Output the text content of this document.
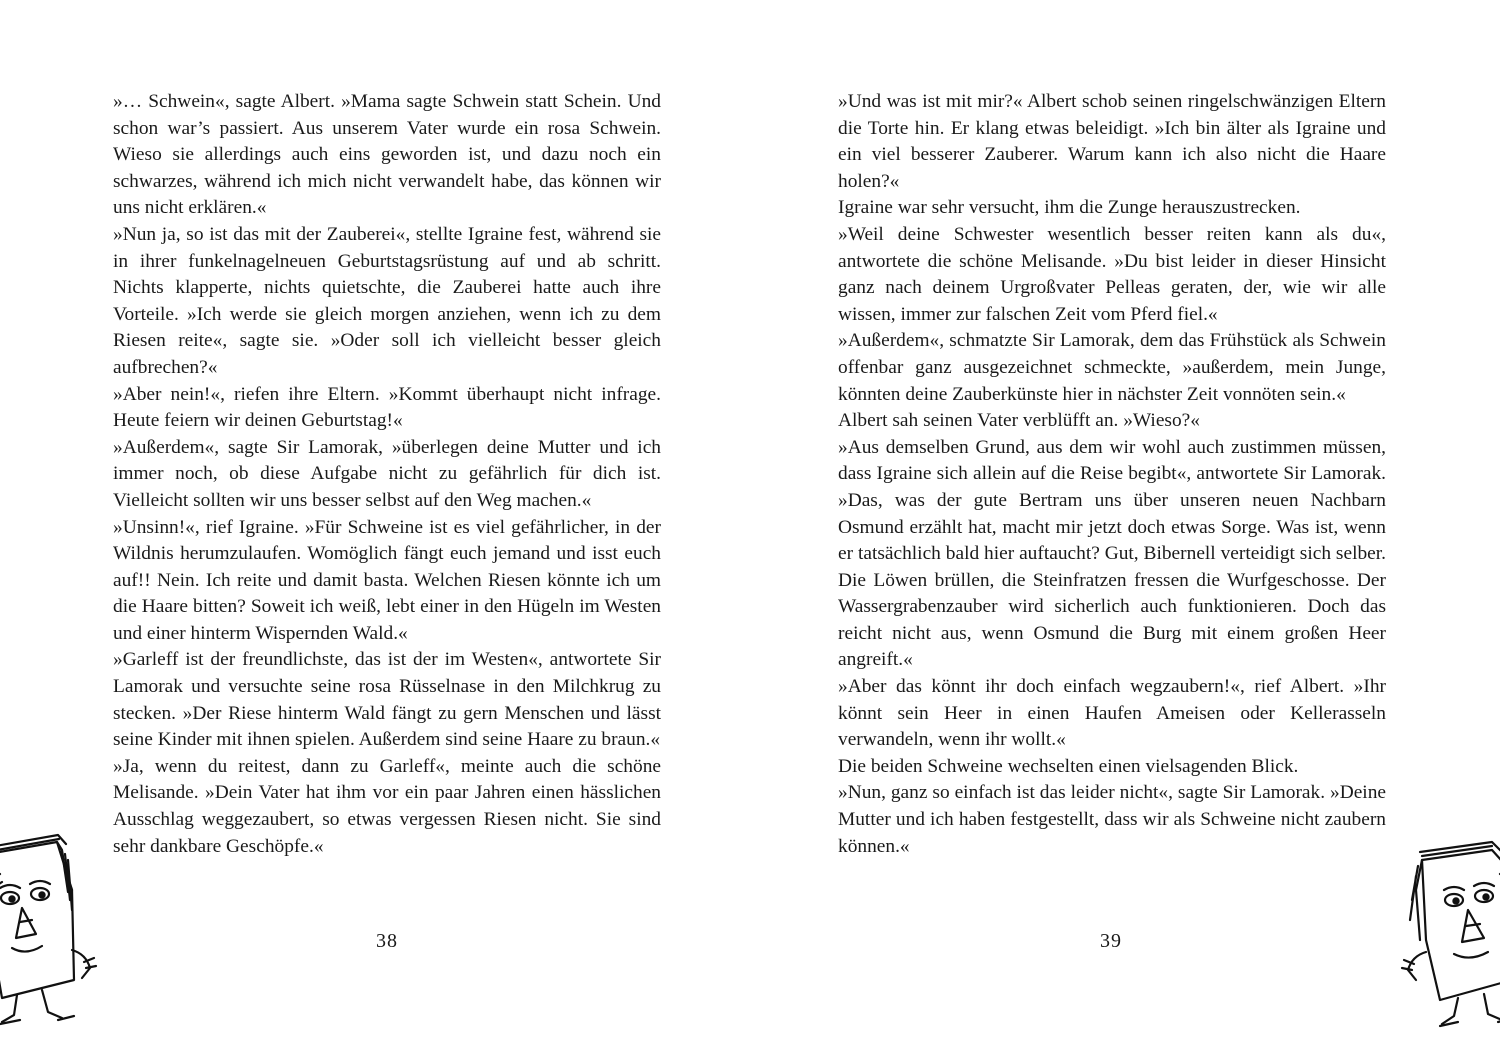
»… Schwein«, sagte Albert. »Mama sagte Schwein statt Schein. Und schon war’s passiert. Aus unserem Vater wurde ein rosa Schwein. Wieso sie allerdings auch eins geworden ist, und dazu noch ein schwarzes, während ich mich nicht verwandelt habe, das können wir uns nicht erklären.«

»Nun ja, so ist das mit der Zauberei«, stellte Igraine fest, während sie in ihrer funkelnagelneuen Geburtstagsrüstung auf und ab schritt. Nichts klapperte, nichts quietschte, die Zauberei hatte auch ihre Vorteile. »Ich werde sie gleich morgen anziehen, wenn ich zu dem Riesen reite«, sagte sie. »Oder soll ich vielleicht besser gleich aufbrechen?«

»Aber nein!«, riefen ihre Eltern. »Kommt überhaupt nicht infrage. Heute feiern wir deinen Geburtstag!«

»Außerdem«, sagte Sir Lamorak, »überlegen deine Mutter und ich immer noch, ob diese Aufgabe nicht zu gefährlich für dich ist. Vielleicht sollten wir uns besser selbst auf den Weg machen.«

»Unsinn!«, rief Igraine. »Für Schweine ist es viel gefährlicher, in der Wildnis herumzulaufen. Womöglich fängt euch jemand und isst euch auf!! Nein. Ich reite und damit basta. Welchen Riesen könnte ich um die Haare bitten? Soweit ich weiß, lebt einer in den Hügeln im Westen und einer hinterm Wispernden Wald.«

»Garleff ist der freundlichste, das ist der im Westen«, antwortete Sir Lamorak und versuchte seine rosa Rüsselnase in den Milchkrug zu stecken. »Der Riese hinterm Wald fängt zu gern Menschen und lässt seine Kinder mit ihnen spielen. Außerdem sind seine Haare zu braun.«

»Ja, wenn du reitest, dann zu Garleff«, meinte auch die schöne Melisande. »Dein Vater hat ihm vor ein paar Jahren einen hässlichen Ausschlag weggezaubert, so etwas vergessen Riesen nicht. Sie sind sehr dankbare Geschöpfe.«

38

»Und was ist mit mir?« Albert schob seinen ringelschwänzigen Eltern die Torte hin. Er klang etwas beleidigt. »Ich bin älter als Igraine und ein viel besserer Zauberer. Warum kann ich also nicht die Haare holen?«

Igraine war sehr versucht, ihm die Zunge herauszustrecken.

»Weil deine Schwester wesentlich besser reiten kann als du«, antwortete die schöne Melisande. »Du bist leider in dieser Hinsicht ganz nach deinem Urgroßvater Pelleas geraten, der, wie wir alle wissen, immer zur falschen Zeit vom Pferd fiel.«

»Außerdem«, schmatzte Sir Lamorak, dem das Frühstück als Schwein offenbar ganz ausgezeichnet schmeckte, »außerdem, mein Junge, könnten deine Zauberkünste hier in nächster Zeit vonnöten sein.«

Albert sah seinen Vater verblüfft an. »Wieso?«

»Aus demselben Grund, aus dem wir wohl auch zustimmen müssen, dass Igraine sich allein auf die Reise begibt«, antwortete Sir Lamorak. »Das, was der gute Bertram uns über unseren neuen Nachbarn Osmund erzählt hat, macht mir jetzt doch etwas Sorge. Was ist, wenn er tatsächlich bald hier auftaucht? Gut, Bibernell verteidigt sich selber. Die Löwen brüllen, die Steinfratzen fressen die Wurfgeschosse. Der Wassergrabenzauber wird sicherlich auch funktionieren. Doch das reicht nicht aus, wenn Osmund die Burg mit einem großen Heer angreift.«

»Aber das könnt ihr doch einfach wegzaubern!«, rief Albert. »Ihr könnt sein Heer in einen Haufen Ameisen oder Kellerasseln verwandeln, wenn ihr wollt.«

Die beiden Schweine wechselten einen vielsagenden Blick.

»Nun, ganz so einfach ist das leider nicht«, sagte Sir Lamorak. »Deine Mutter und ich haben festgestellt, dass wir als Schweine nicht zaubern können.«

39
